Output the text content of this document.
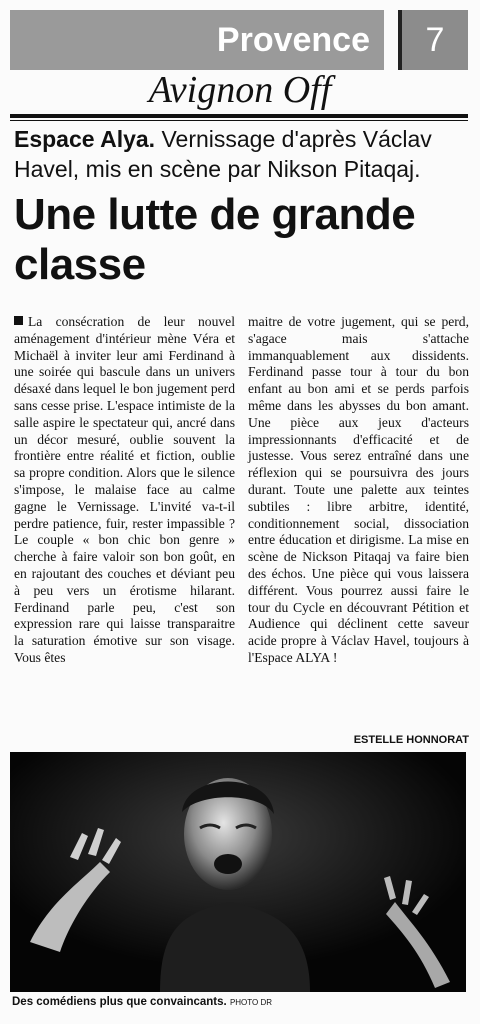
Provence	7
Avignon Off
Espace Alya. Vernissage d'après Václav Havel, mis en scène par Nikson Pitaqaj.
Une lutte de grande classe
La consécration de leur nouvel aménagement d'intérieur mène Véra et Michaël à inviter leur ami Ferdinand à une soirée qui bascule dans un univers désaxé dans lequel le bon jugement perd sans cesse prise. L'espace intimiste de la salle aspire le spectateur qui, ancré dans un décor mesuré, oublie souvent la frontière entre réalité et fiction, oublie sa propre condition. Alors que le silence s'impose, le malaise face au calme gagne le Vernissage. L'invité va-t-il perdre patience, fuir, rester impassible ? Le couple « bon chic bon genre » cherche à faire valoir son bon goût, en en rajoutant des couches et déviant peu à peu vers un érotisme hilarant. Ferdinand parle peu, c'est son expression rare qui laisse transparaitre la saturation émotive sur son visage. Vous êtes
maitre de votre jugement, qui se perd, s'agace mais s'attache immanquablement aux dissidents. Ferdinand passe tour à tour du bon enfant au bon ami et se perds parfois même dans les abysses du bon amant. Une pièce aux jeux d'acteurs impressionnants d'efficacité et de justesse. Vous serez entraîné dans une réflexion qui se poursuivra des jours durant. Toute une palette aux teintes subtiles : libre arbitre, identité, conditionnement social, dissociation entre éducation et dirigisme. La mise en scène de Nickson Pitaqaj va faire bien des échos. Une pièce qui vous laissera différent. Vous pourrez aussi faire le tour du Cycle en découvrant Pétition et Audience qui déclinent cette saveur acide propre à Václav Havel, toujours à l'Espace ALYA !
ESTELLE HONNORAT
Des comédiens plus que convaincants. PHOTO DR
